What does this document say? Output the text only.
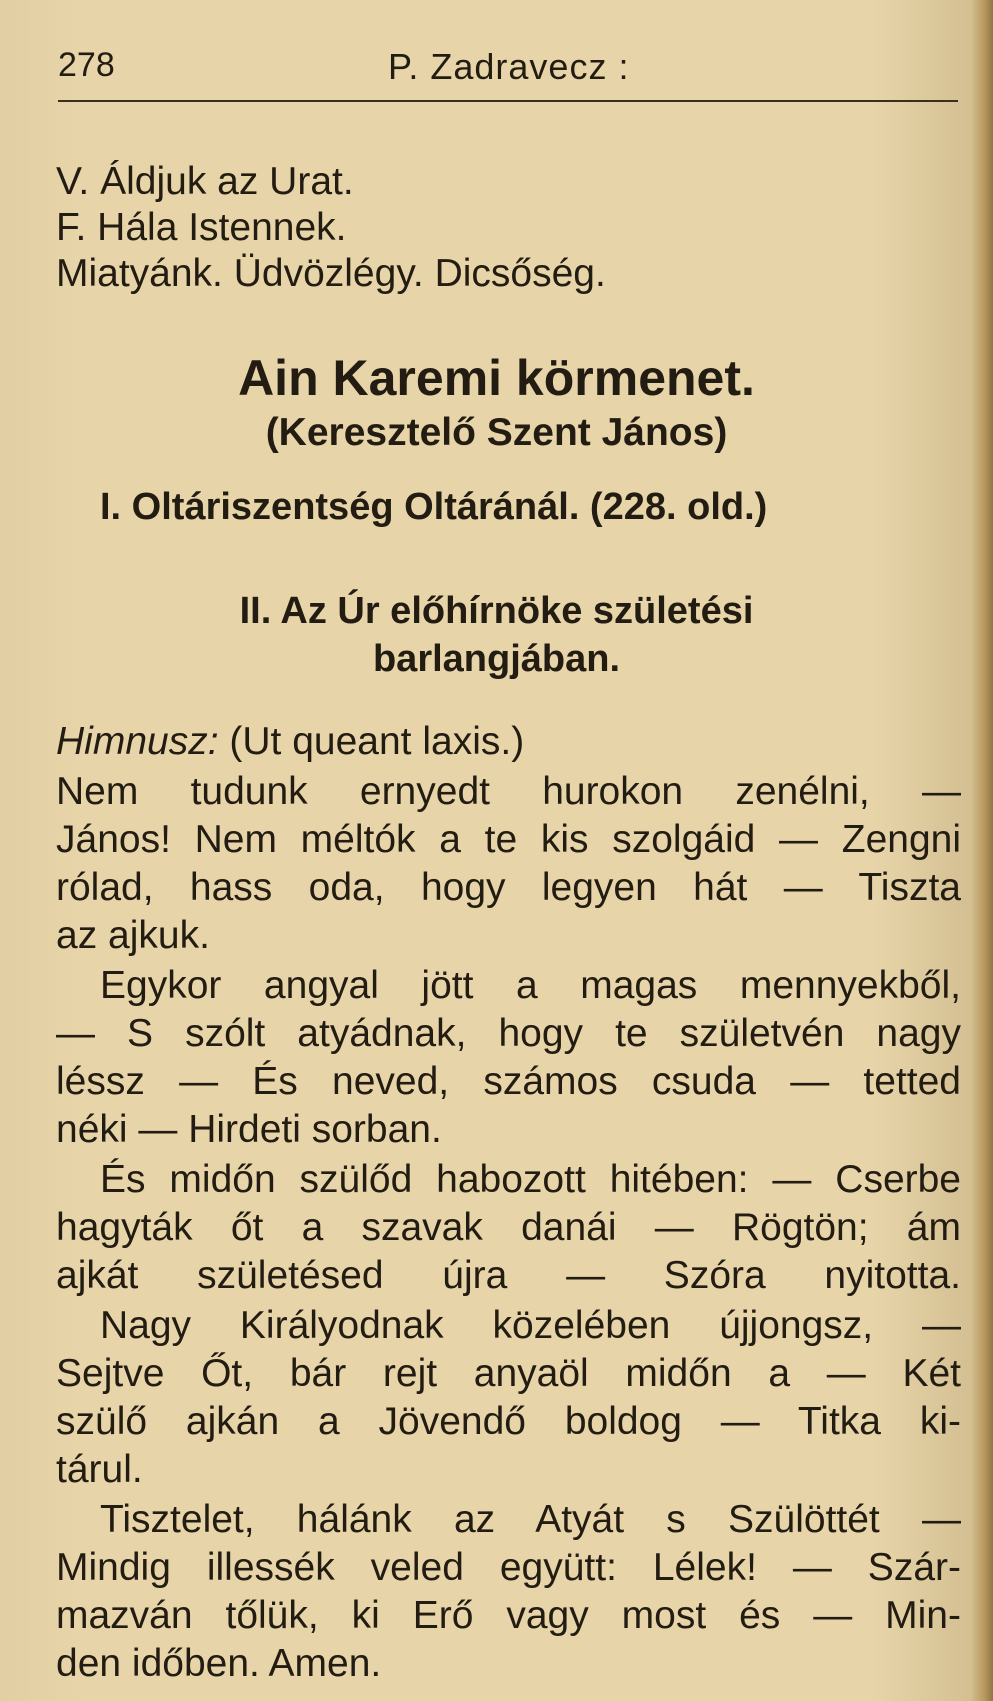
278	P. Zadravecz :

V. Áldjuk az Urat.

F. Hála Istennek.

Miatyánk. Üdvözlégy. Dicsőség.

Ain Karemi körmenet.
(Keresztelő Szent János)

I. Oltáriszentség Oltáránál. (228. old.)

II. Az Úr előhírnöke születési

barlangjában.

Himnusz: (Ut queant laxis.)

Nem tudunk ernyedt hurokon zenélni, —

János! Nem méltók a te kis szolgáid — Zengni

rólad, hass oda, hogy legyen hát — Tiszta

az ajkuk.

Egykor angyal jött a magas mennyekből,

— S szólt atyádnak, hogy te születvén nagy

léssz — És neved, számos csuda — tetted

néki — Hirdeti sorban.

És midőn szülőd habozott hitében: — Cserbe

hagyták őt a szavak danái — Rögtön; ám

ajkát születésed újra — Szóra nyitotta.

Nagy Királyodnak közelében újjongsz, —

Sejtve Őt, bár rejt anyaöl midőn a — Két

szülő ajkán a Jövendő boldog — Titka ki-

tárul.

Tisztelet, hálánk az Atyát s Szülöttét —

Mindig illessék veled együtt: Lélek! — Szár-

mazván tőlük, ki Erő vagy most és — Min-

den időben. Amen.
